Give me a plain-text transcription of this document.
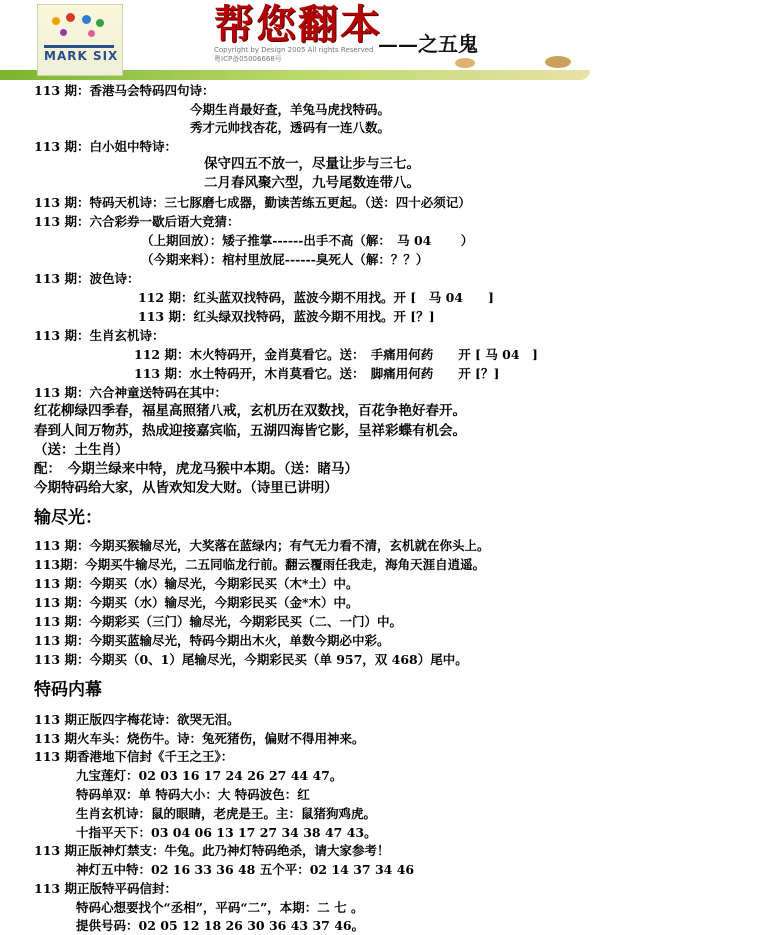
MARK SIX
帮您翻本
——之五鬼
Copyright by Design 2005 All rights Reserved
粤ICP备05006668号
113 期：香港马会特码四句诗：
今期生肖最好查，羊兔马虎找特码。
秀才元帅找杏花，透码有一连八数。
113 期：白小姐中特诗：
保守四五不放一，尽量让步与三七。
二月春风聚六型，九号尾数连带八。
113 期：特码天机诗：三七豚磨七成器，勤读苦练五更起。（送：四十必须记）
113 期：六合彩券一歇后语大竞猜：
（上期回放）：矮子推掌------出手不高（解：　马 04　　 ）
（今期来料）：棺村里放屁------臭死人（解：？？）
113 期：波色诗：
112 期：红头蓝双找特码，蓝波今期不用找。开 [　马 04　　]
113 期：红头绿双找特码，蓝波今期不用找。开 [？]
113 期：生肖玄机诗：
112 期：木火特码开，金肖莫看它。送：　手痛用何药　　开 [ 马 04　]
113 期：水土特码开，木肖莫看它。送：　脚痛用何药　　开 [？]
113 期：六合神童送特码在其中：
红花柳绿四季春，福星高照猪八戒，玄机历在双数找，百花争艳好春开。
春到人间万物苏，热成迎接嘉宾临，五湖四海皆它影，呈祥彩蝶有机会。
（送：土生肖）
配：　今期兰绿来中特，虎龙马猴中本期。（送：睹马）
今期特码给大家，从皆欢知发大财。（诗里已讲明）
输尽光：
113 期：今期买猴输尽光，大奖落在蓝绿内；有气无力看不清，玄机就在你头上。
113期：今期买牛输尽光，二五同临龙行前。翻云覆雨任我走，海角天涯自逍遥。
113 期：今期买（水）输尽光，今期彩民买（木*土）中。
113 期：今期买（水）输尽光，今期彩民买（金*木）中。
113 期：今期彩买（三门）输尽光，今期彩民买（二、一门）中。
113 期：今期买蓝输尽光，特码今期出木火，单数今期必中彩。
113 期：今期买（0、1）尾输尽光，今期彩民买（单 957，双 468）尾中。
特码内幕
113 期正版四字梅花诗：欲哭无泪。
113 期火车头：烧伤牛。诗：兔死猪伤，偏财不得用神来。
113 期香港地下信封《千王之王》：
九宝莲灯：02 03 16 17 24 26 27 44 47。
特码单双：单 特码大小：大 特码波色：红
生肖玄机诗：鼠的眼睛，老虎是王。主：鼠猪狗鸡虎。
十指平天下：03 04 06 13 17 27 34 38 47 43。
113 期正版神灯禁支：牛兔。此乃神灯特码绝杀，请大家参考！
神灯五中特：02 16 33 36 48 五个平：02 14 37 34 46
113 期正版特平码信封：
特码心想要找个“丞相”，平码“二”，本期：二 七 。
提供号码：02 05 12 18 26 30 36 43 37 46。
